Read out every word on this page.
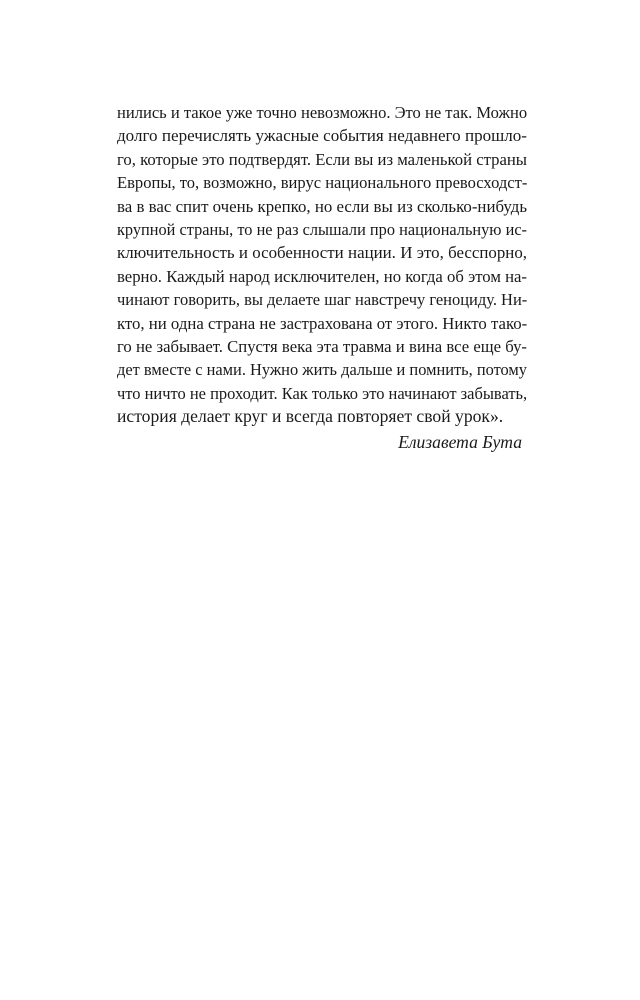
нились и такое уже точно невозможно. Это не так. Можно
долго перечислять ужасные события недавнего прошло-
го, которые это подтвердят. Если вы из маленькой страны
Европы, то, возможно, вирус национального превосходст-
ва в вас спит очень крепко, но если вы из сколько-нибудь
крупной страны, то не раз слышали про национальную ис-
ключительность и особенности нации. И это, бесспорно,
верно. Каждый народ исключителен, но когда об этом на-
чинают говорить, вы делаете шаг навстречу геноциду. Ни-
кто, ни одна страна не застрахована от этого. Никто тако-
го не забывает. Спустя века эта травма и вина все еще бу-
дет вместе с нами. Нужно жить дальше и помнить, потому
что ничто не проходит. Как только это начинают забывать,
история делает круг и всегда повторяет свой урок».

Елизавета Бута
